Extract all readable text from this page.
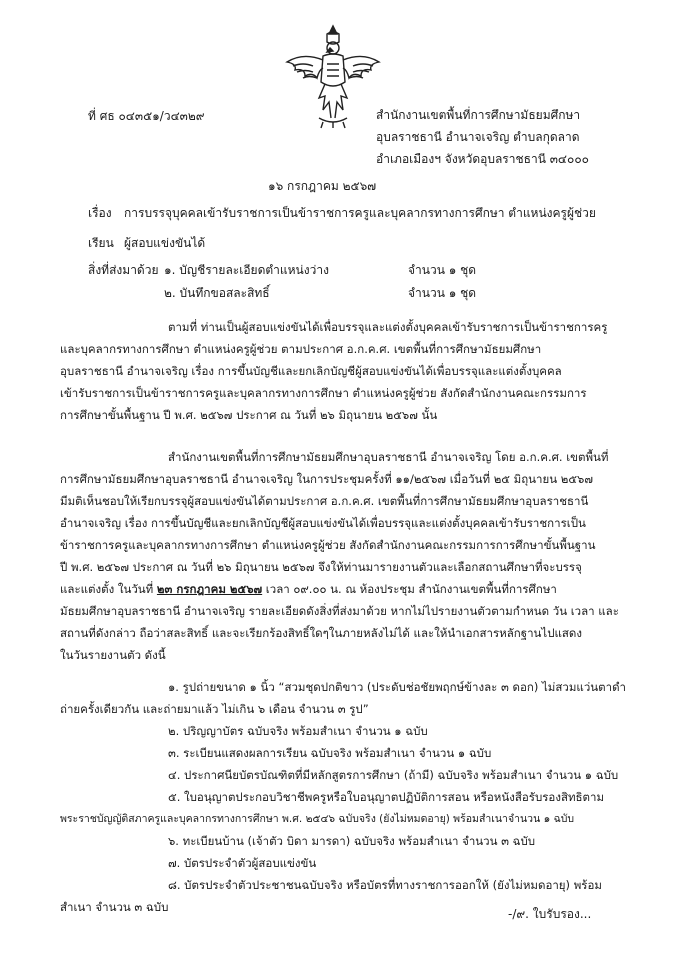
ที่ ศธ ๐๔๓๕๑/ว๔๓๒๙	สำนักงานเขตพื้นที่การศึกษามัธยมศึกษา
อุบลราชธานี อำนาจเจริญ ตำบลกุดลาด
อำเภอเมืองฯ จังหวัดอุบลราชธานี ๓๔๐๐๐
๑๖ กรกฎาคม ๒๕๖๗
เรื่อง การบรรจุบุคคลเข้ารับราชการเป็นข้าราชการครูและบุคลากรทางการศึกษา ตำแหน่งครูผู้ช่วย
เรียน ผู้สอบแข่งขันได้
สิ่งที่ส่งมาด้วย ๑. บัญชีรายละเอียดตำแหน่งว่าง	จำนวน ๑ ชุด
๒. บันทึกขอสละสิทธิ์	จำนวน ๑ ชุด
ตามที่ ท่านเป็นผู้สอบแข่งขันได้เพื่อบรรจุและแต่งตั้งบุคคลเข้ารับราชการเป็นข้าราชการครู
และบุคลากรทางการศึกษา ตำแหน่งครูผู้ช่วย ตามประกาศ อ.ก.ค.ศ. เขตพื้นที่การศึกษามัธยมศึกษา
อุบลราชธานี อำนาจเจริญ เรื่อง การขึ้นบัญชีและยกเลิกบัญชีผู้สอบแข่งขันได้เพื่อบรรจุและแต่งตั้งบุคคล
เข้ารับราชการเป็นข้าราชการครูและบุคลากรทางการศึกษา ตำแหน่งครูผู้ช่วย สังกัดสำนักงานคณะกรรมการ
การศึกษาขั้นพื้นฐาน ปี พ.ศ. ๒๕๖๗ ประกาศ ณ วันที่ ๒๖ มิถุนายน ๒๕๖๗ นั้น
สำนักงานเขตพื้นที่การศึกษามัธยมศึกษาอุบลราชธานี อำนาจเจริญ โดย อ.ก.ค.ศ. เขตพื้นที่
การศึกษามัธยมศึกษาอุบลราชธานี อำนาจเจริญ ในการประชุมครั้งที่ ๑๑/๒๕๖๗ เมื่อวันที่ ๒๕ มิถุนายน ๒๕๖๗
มีมติเห็นชอบให้เรียกบรรจุผู้สอบแข่งขันได้ตามประกาศ อ.ก.ค.ศ. เขตพื้นที่การศึกษามัธยมศึกษาอุบลราชธานี
อำนาจเจริญ เรื่อง การขึ้นบัญชีและยกเลิกบัญชีผู้สอบแข่งขันได้เพื่อบรรจุและแต่งตั้งบุคคลเข้ารับราชการเป็น
ข้าราชการครูและบุคลากรทางการศึกษา ตำแหน่งครูผู้ช่วย สังกัดสำนักงานคณะกรรมการการศึกษาขั้นพื้นฐาน
ปี พ.ศ. ๒๕๖๗ ประกาศ ณ วันที่ ๒๖ มิถุนายน ๒๕๖๗ จึงให้ท่านมารายงานตัวและเลือกสถานศึกษาที่จะบรรจุ
และแต่งตั้ง ในวันที่ ๒๓ กรกฎาคม ๒๕๖๗ เวลา ๐๙.๐๐ น. ณ ห้องประชุม สำนักงานเขตพื้นที่การศึกษา
มัธยมศึกษาอุบลราชธานี อำนาจเจริญ รายละเอียดดังสิ่งที่ส่งมาด้วย หากไม่ไปรายงานตัวตามกำหนด วัน เวลา และ
สถานที่ดังกล่าว ถือว่าสละสิทธิ์ และจะเรียกร้องสิทธิ์ใดๆในภายหลังไม่ได้ และให้นำเอกสารหลักฐานไปแสดง
ในวันรายงานตัว ดังนี้
๑. รูปถ่ายขนาด ๑ นิ้ว “สวมชุดปกติขาว (ประดับช่อชัยพฤกษ์ข้างละ ๓ ดอก) ไม่สวมแว่นตาดำ
ถ่ายครั้งเดียวกัน และถ่ายมาแล้ว ไม่เกิน ๖ เดือน จำนวน ๓ รูป”
๒. ปริญญาบัตร ฉบับจริง พร้อมสำเนา จำนวน ๑ ฉบับ
๓. ระเบียนแสดงผลการเรียน ฉบับจริง พร้อมสำเนา จำนวน ๑ ฉบับ
๔. ประกาศนียบัตรบัณฑิตที่มีหลักสูตรการศึกษา (ถ้ามี) ฉบับจริง พร้อมสำเนา จำนวน ๑ ฉบับ
๕. ใบอนุญาตประกอบวิชาชีพครูหรือใบอนุญาตปฏิบัติการสอน หรือหนังสือรับรองสิทธิตาม
พระราชบัญญัติสภาครูและบุคลากรทางการศึกษา พ.ศ. ๒๕๔๖ ฉบับจริง (ยังไม่หมดอายุ) พร้อมสำเนาจำนวน ๑ ฉบับ
๖. ทะเบียนบ้าน (เจ้าตัว บิดา มารดา) ฉบับจริง พร้อมสำเนา จำนวน ๓ ฉบับ
๗. บัตรประจำตัวผู้สอบแข่งขัน
๘. บัตรประจำตัวประชาชนฉบับจริง หรือบัตรที่ทางราชการออกให้ (ยังไม่หมดอายุ) พร้อม
สำเนา จำนวน ๓ ฉบับ	-/๙. ใบรับรอง...
